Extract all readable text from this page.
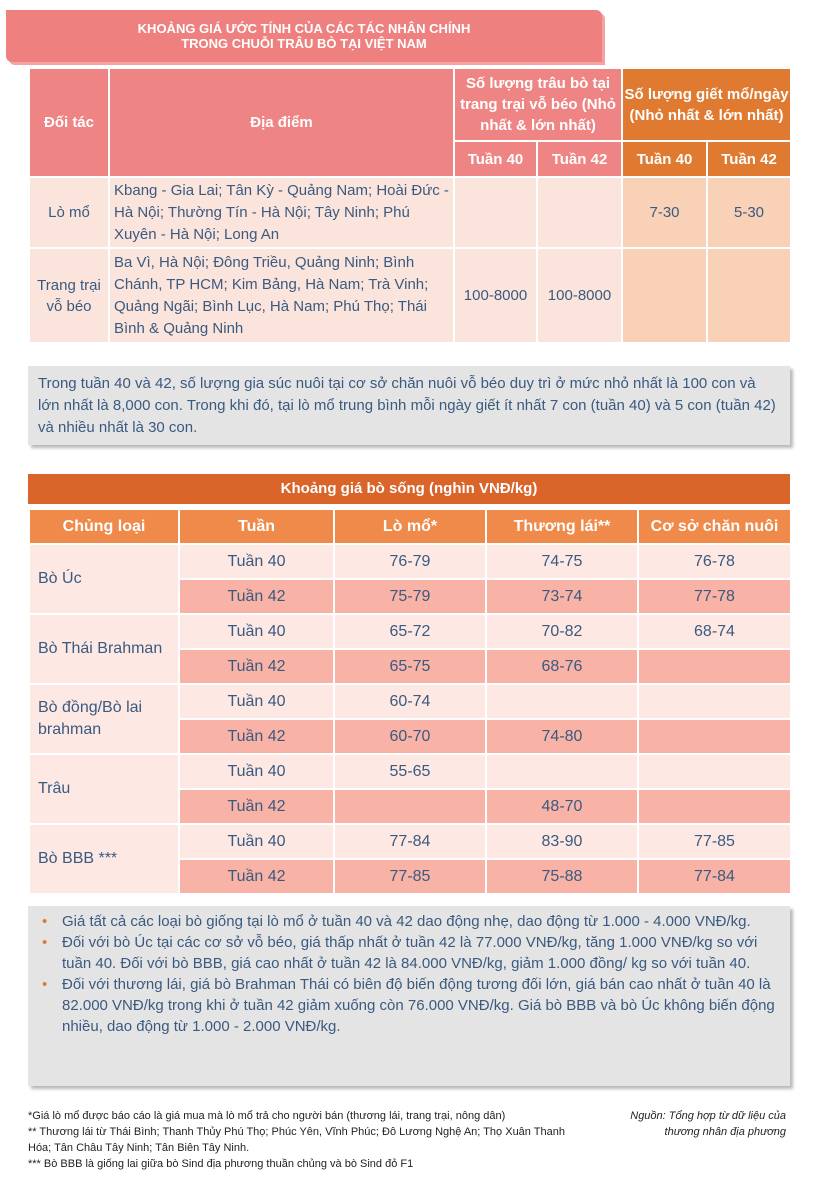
KHOẢNG GIÁ ƯỚC TÍNH CỦA CÁC TÁC NHÂN CHÍNH
TRONG CHUỖI TRÂU BÒ TẠI VIỆT NAM
Đối tác	Địa điểm	Số lượng trâu bò tại trang trại vỗ béo (Nhỏ nhất & lớn nhất)		Số lượng giết mổ/ngày (Nhỏ nhất & lớn nhất)	
		Tuần 40	Tuần 42	Tuần 40	Tuần 42
Lò mổ	Kbang - Gia Lai; Tân Kỳ - Quảng Nam; Hoài Đức - Hà Nội; Thường Tín - Hà Nội; Tây Ninh; Phú Xuyên - Hà Nội; Long An			7-30	5-30
Trang trại vỗ béo	Ba Vì, Hà Nội; Đông Triều, Quảng Ninh; Bình Chánh, TP HCM; Kim Bảng, Hà Nam; Trà Vinh; Quảng Ngãi; Bình Lục, Hà Nam; Phú Thọ; Thái Bình & Quảng Ninh	100-8000	100-8000		
Trong tuần 40 và 42, số lượng gia súc nuôi tại cơ sở chăn nuôi vỗ béo duy trì ở mức nhỏ nhất là 100 con và lớn nhất là 8,000 con. Trong khi đó, tại lò mổ trung bình mỗi ngày giết ít nhất 7 con (tuần 40) và 5 con (tuần 42) và nhiều nhất là 30 con.
Khoảng giá bò sống (nghìn VNĐ/kg)
Chủng loại	Tuần	Lò mổ*	Thương lái**	Cơ sở chăn nuôi
Bò Úc	Tuần 40	76-79	74-75	76-78
	Tuần 42	75-79	73-74	77-78
Bò Thái Brahman	Tuần 40	65-72	70-82	68-74
	Tuần 42	65-75	68-76	
Bò đồng/Bò lai brahman	Tuần 40	60-74		
	Tuần 42	60-70	74-80	
Trâu	Tuần 40	55-65		
	Tuần 42		48-70	
Bò BBB ***	Tuần 40	77-84	83-90	77-85
	Tuần 42	77-85	75-88	77-84
• Giá tất cả các loại bò giống tại lò mổ ở tuần 40 và 42 dao động nhẹ, dao động từ 1.000 - 4.000 VNĐ/kg.
• Đối với bò Úc tại các cơ sở vỗ béo, giá thấp nhất ở tuần 42 là 77.000 VNĐ/kg, tăng 1.000 VNĐ/kg so với tuần 40. Đối với bò BBB, giá cao nhất ở tuần 42 là 84.000 VNĐ/kg, giảm 1.000 đồng/ kg so với tuần 40.
• Đối với thương lái, giá bò Brahman Thái có biên độ biến động tương đối lớn, giá bán cao nhất ở tuần 40 là 82.000 VNĐ/kg trong khi ở tuần 42 giảm xuống còn 76.000 VNĐ/kg. Giá bò BBB và bò Úc không biến động nhiều, dao động từ 1.000 - 2.000 VNĐ/kg.
*Giá lò mổ được báo cáo là giá mua mà lò mổ trả cho người bán (thương lái, trang trại, nông dân)
** Thương lái từ Thái Bình; Thanh Thủy Phú Thọ; Phúc Yên, Vĩnh Phúc; Đô Lương Nghệ An; Thọ Xuân Thanh Hóa; Tân Châu Tây Ninh; Tân Biên Tây Ninh.
*** Bò BBB là giống lai giữa bò Sind địa phương thuần chủng và bò Sind đỏ F1
Nguồn: Tổng hợp từ dữ liệu của thương nhân địa phương
